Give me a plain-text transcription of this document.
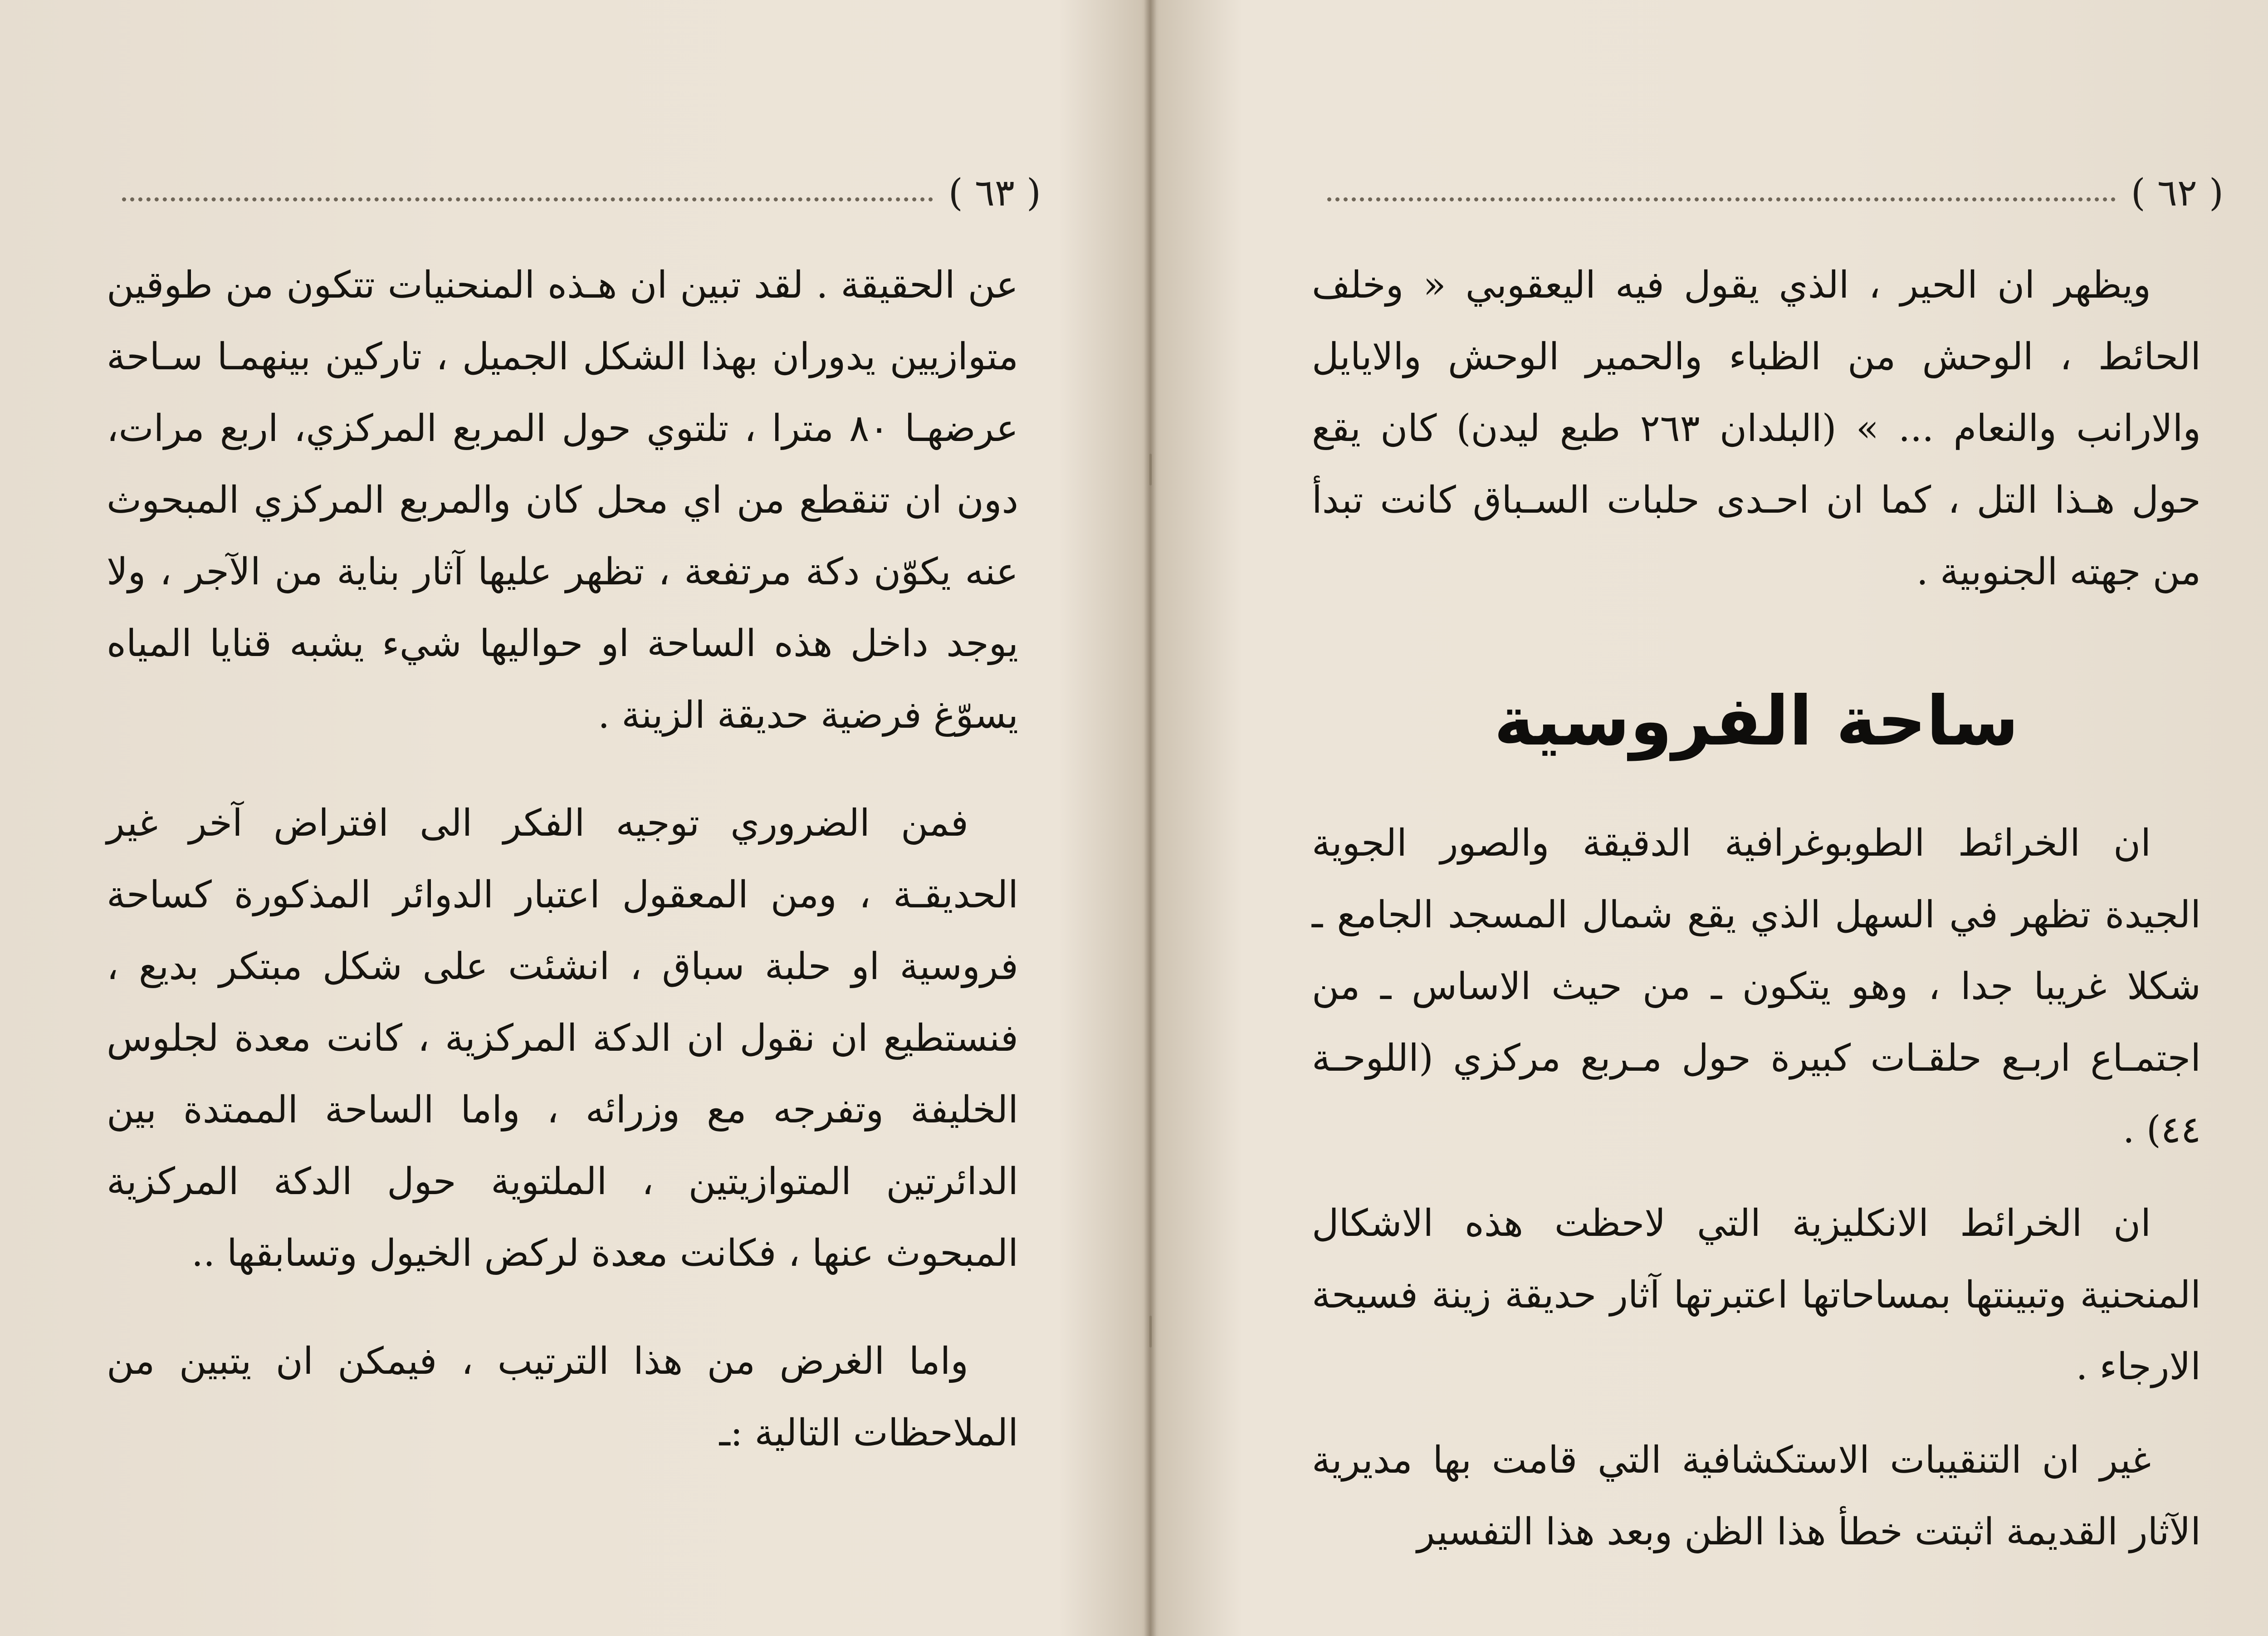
( ٦٣ )

عن الحقيقة . لقد تبين ان هـذه المنحنيات تتكون من طوقين متوازيين يدوران بهذا الشكل الجميل ، تاركين بينهمـا سـاحة عرضهـا ٨٠ مترا ، تلتوي حول المربع المركزي، اربع مرات، دون ان تنقطع من اي محل كان والمربع المركزي المبحوث عنه يكوّن دكة مرتفعة ، تظهر عليها آثار بناية من الآجر ، ولا يوجد داخل هذه الساحة او حواليها شيء يشبه قنايا المياه يسوّغ فرضية حديقة الزينة .

فمن الضروري توجيه الفكر الى افتراض آخر غير الحديقـة ، ومن المعقول اعتبار الدوائر المذكورة كساحة فروسية او حلبة سباق ، انشئت على شكل مبتكر بديع ، فنستطيع ان نقول ان الدكة المركزية ، كانت معدة لجلوس الخليفة وتفرجه مع وزرائه ، واما الساحة الممتدة بين الدائرتين المتوازيتين ، الملتوية حول الدكة المركزية المبحوث عنها ، فكانت معدة لركض الخيول وتسابقها ..

واما الغرض من هذا الترتيب ، فيمكن ان يتبين من الملاحظات التالية :ـ

( ٦٢ )

ويظهر ان الحير ، الذي يقول فيه اليعقوبي « وخلف الحائط ، الوحش من الظباء والحمير الوحش والايايل والارانب والنعام ... » (البلدان ٢٦٣ طبع ليدن) كان يقع حول هـذا التل ، كما ان احـدى حلبات السـباق كانت تبدأ من جهته الجنوبية .

ساحة الفروسية

ان الخرائط الطوبوغرافية الدقيقة والصور الجوية الجيدة تظهر في السهل الذي يقع شمال المسجد الجامع ـ شكلا غريبا جدا ، وهو يتكون ـ من حيث الاساس ـ من اجتمـاع اربـع حلقـات كبيرة حول مـربع مركزي (اللوحـة ٤٤) .

ان الخرائط الانكليزية التي لاحظت هذه الاشكال المنحنية وتبينتها بمساحاتها اعتبرتها آثار حديقة زينة فسيحة الارجاء .

غير ان التنقيبات الاستكشافية التي قامت بها مديرية الآثار القديمة اثبتت خطأ هذا الظن وبعد هذا التفسير
